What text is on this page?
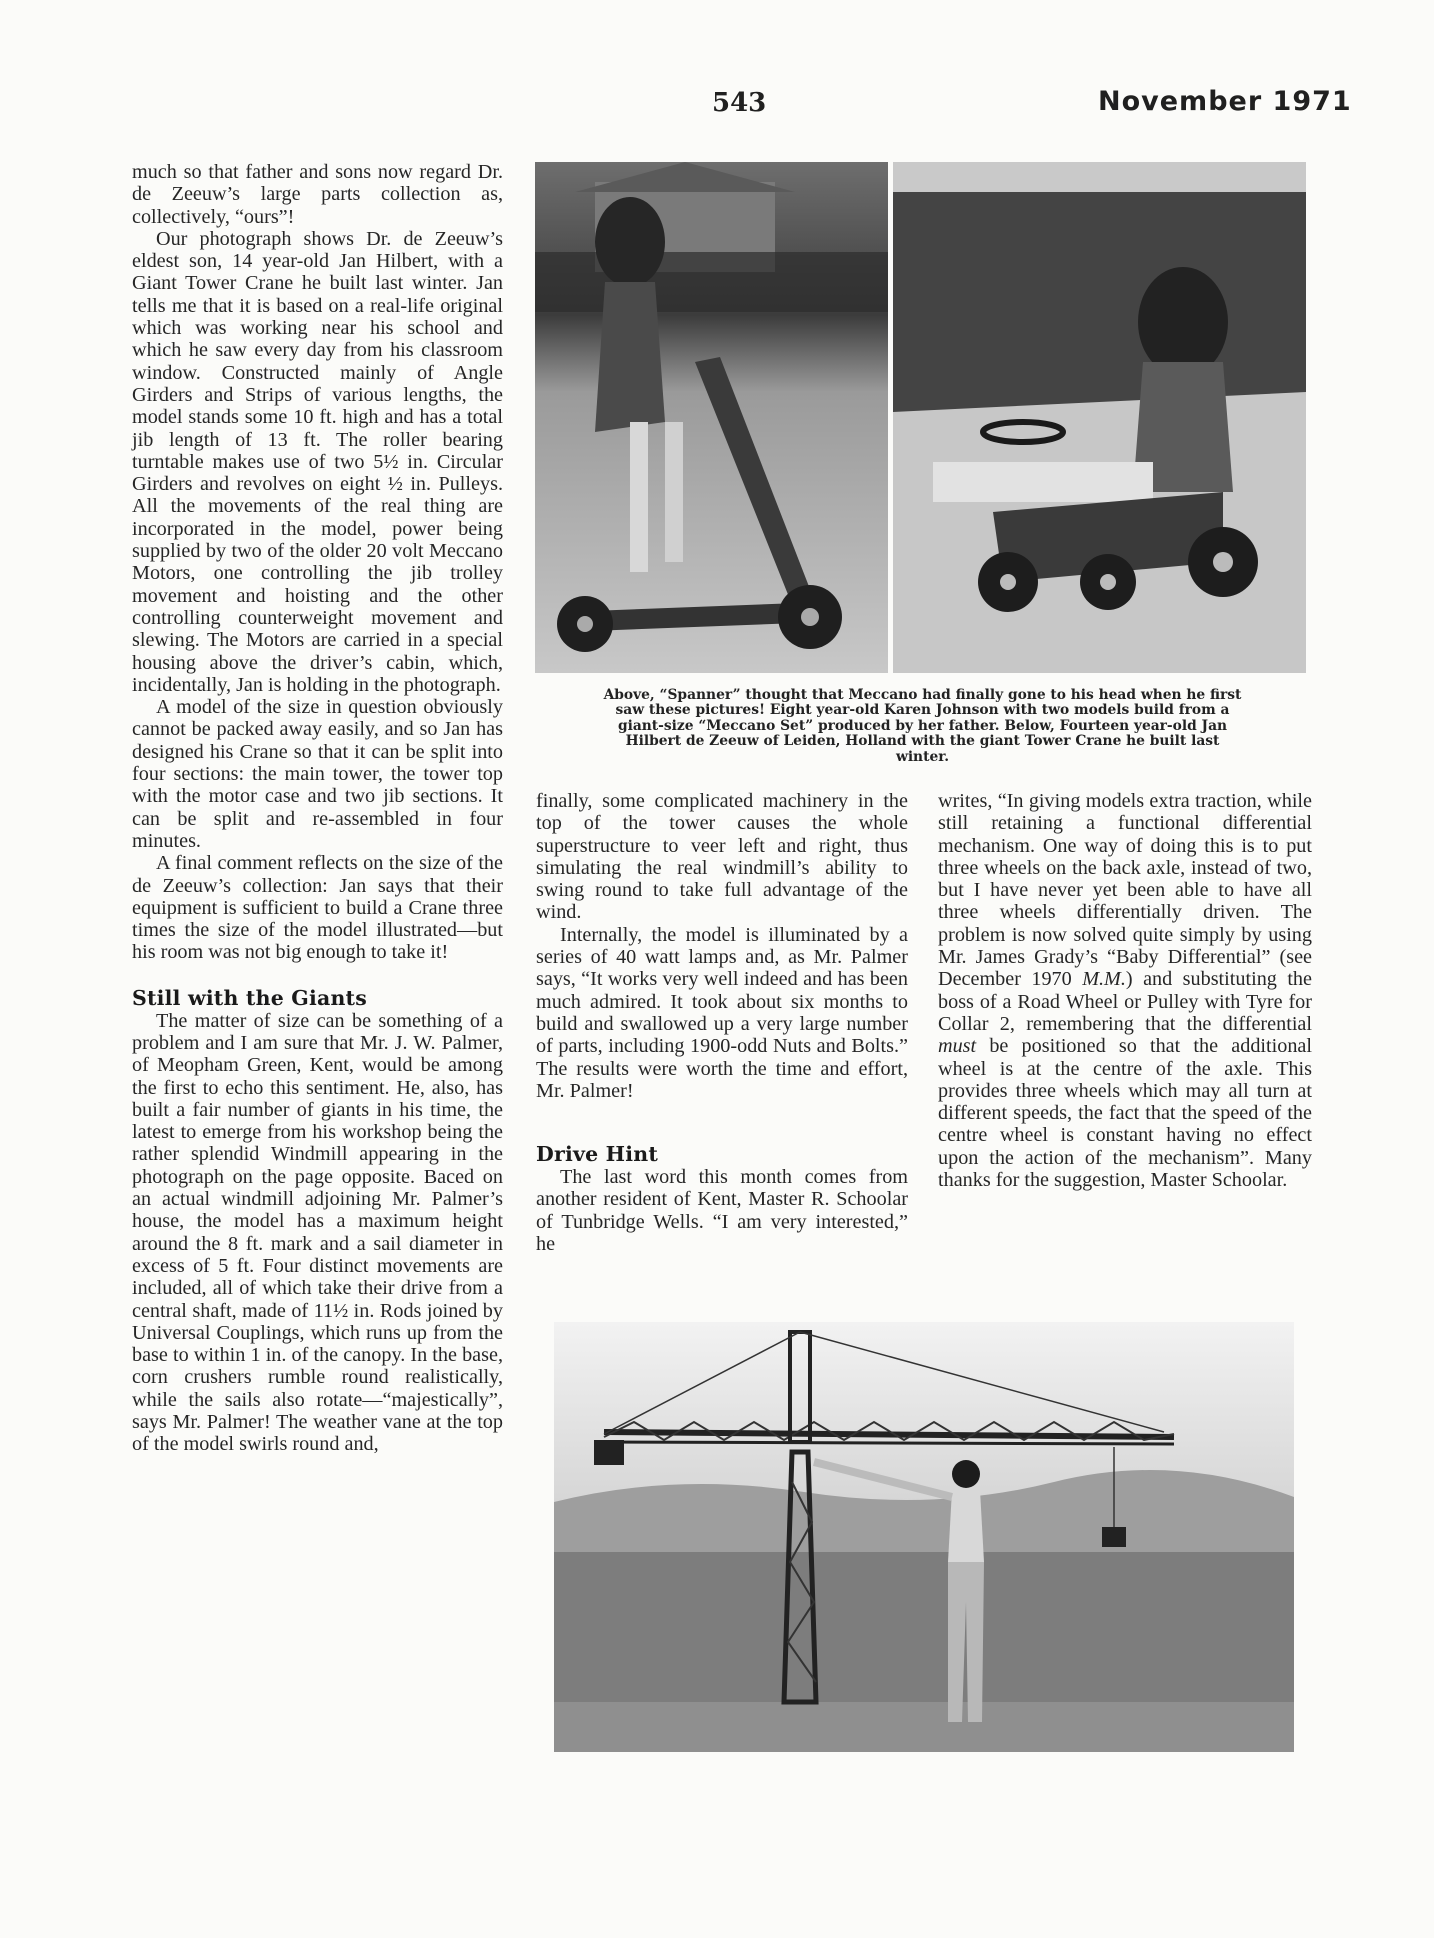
543	November 1971

much so that father and sons now regard Dr. de Zeeuw’s large parts collection as, collectively, “ours”!

Our photograph shows Dr. de Zeeuw’s eldest son, 14 year-old Jan Hilbert, with a Giant Tower Crane he built last winter. Jan tells me that it is based on a real-life original which was working near his school and which he saw every day from his classroom window. Constructed mainly of Angle Girders and Strips of various lengths, the model stands some 10 ft. high and has a total jib length of 13 ft. The roller bearing turntable makes use of two 5½ in. Circular Girders and revolves on eight ½ in. Pulleys. All the movements of the real thing are incorporated in the model, power being supplied by two of the older 20 volt Meccano Motors, one controlling the jib trolley movement and hoisting and the other controlling counterweight movement and slewing. The Motors are carried in a special housing above the driver’s cabin, which, incidentally, Jan is holding in the photograph.

A model of the size in question obviously cannot be packed away easily, and so Jan has designed his Crane so that it can be split into four sections: the main tower, the tower top with the motor case and two jib sections. It can be split and re-assembled in four minutes.

A final comment reflects on the size of the de Zeeuw’s collection: Jan says that their equipment is sufficient to build a Crane three times the size of the model illustrated—but his room was not big enough to take it!

Still with the Giants

The matter of size can be something of a problem and I am sure that Mr. J. W. Palmer, of Meopham Green, Kent, would be among the first to echo this sentiment. He, also, has built a fair number of giants in his time, the latest to emerge from his workshop being the rather splendid Windmill appearing in the photograph on the page opposite. Baced on an actual windmill adjoining Mr. Palmer’s house, the model has a maximum height around the 8 ft. mark and a sail diameter in excess of 5 ft. Four distinct movements are included, all of which take their drive from a central shaft, made of 11½ in. Rods joined by Universal Couplings, which runs up from the base to within 1 in. of the canopy. In the base, corn crushers rumble round realistically, while the sails also rotate—“majestically”, says Mr. Palmer! The weather vane at the top of the model swirls round and,

Above, “Spanner” thought that Meccano had finally gone to his head when he first
saw these pictures! Eight year-old Karen Johnson with two models build from a
giant-size “Meccano Set” produced by her father. Below, Fourteen year-old Jan
Hilbert de Zeeuw of Leiden, Holland with the giant Tower Crane he built last
winter.

finally, some complicated machinery in the top of the tower causes the whole superstructure to veer left and right, thus simulating the real windmill’s ability to swing round to take full advantage of the wind.

Internally, the model is illuminated by a series of 40 watt lamps and, as Mr. Palmer says, “It works very well indeed and has been much admired. It took about six months to build and swallowed up a very large number of parts, including 1900-odd Nuts and Bolts.” The results were worth the time and effort, Mr. Palmer!

Drive Hint

The last word this month comes from another resident of Kent, Master R. Schoolar of Tunbridge Wells. “I am very interested,” he

writes, “In giving models extra traction, while still retaining a functional differential mechanism. One way of doing this is to put three wheels on the back axle, instead of two, but I have never yet been able to have all three wheels differentially driven. The problem is now solved quite simply by using Mr. James Grady’s “Baby Differential” (see December 1970 M.M.) and substituting the boss of a Road Wheel or Pulley with Tyre for Collar 2, remembering that the differential must be positioned so that the additional wheel is at the centre of the axle. This provides three wheels which may all turn at different speeds, the fact that the speed of the centre wheel is constant having no effect upon the action of the mechanism”. Many thanks for the suggestion, Master Schoolar.
